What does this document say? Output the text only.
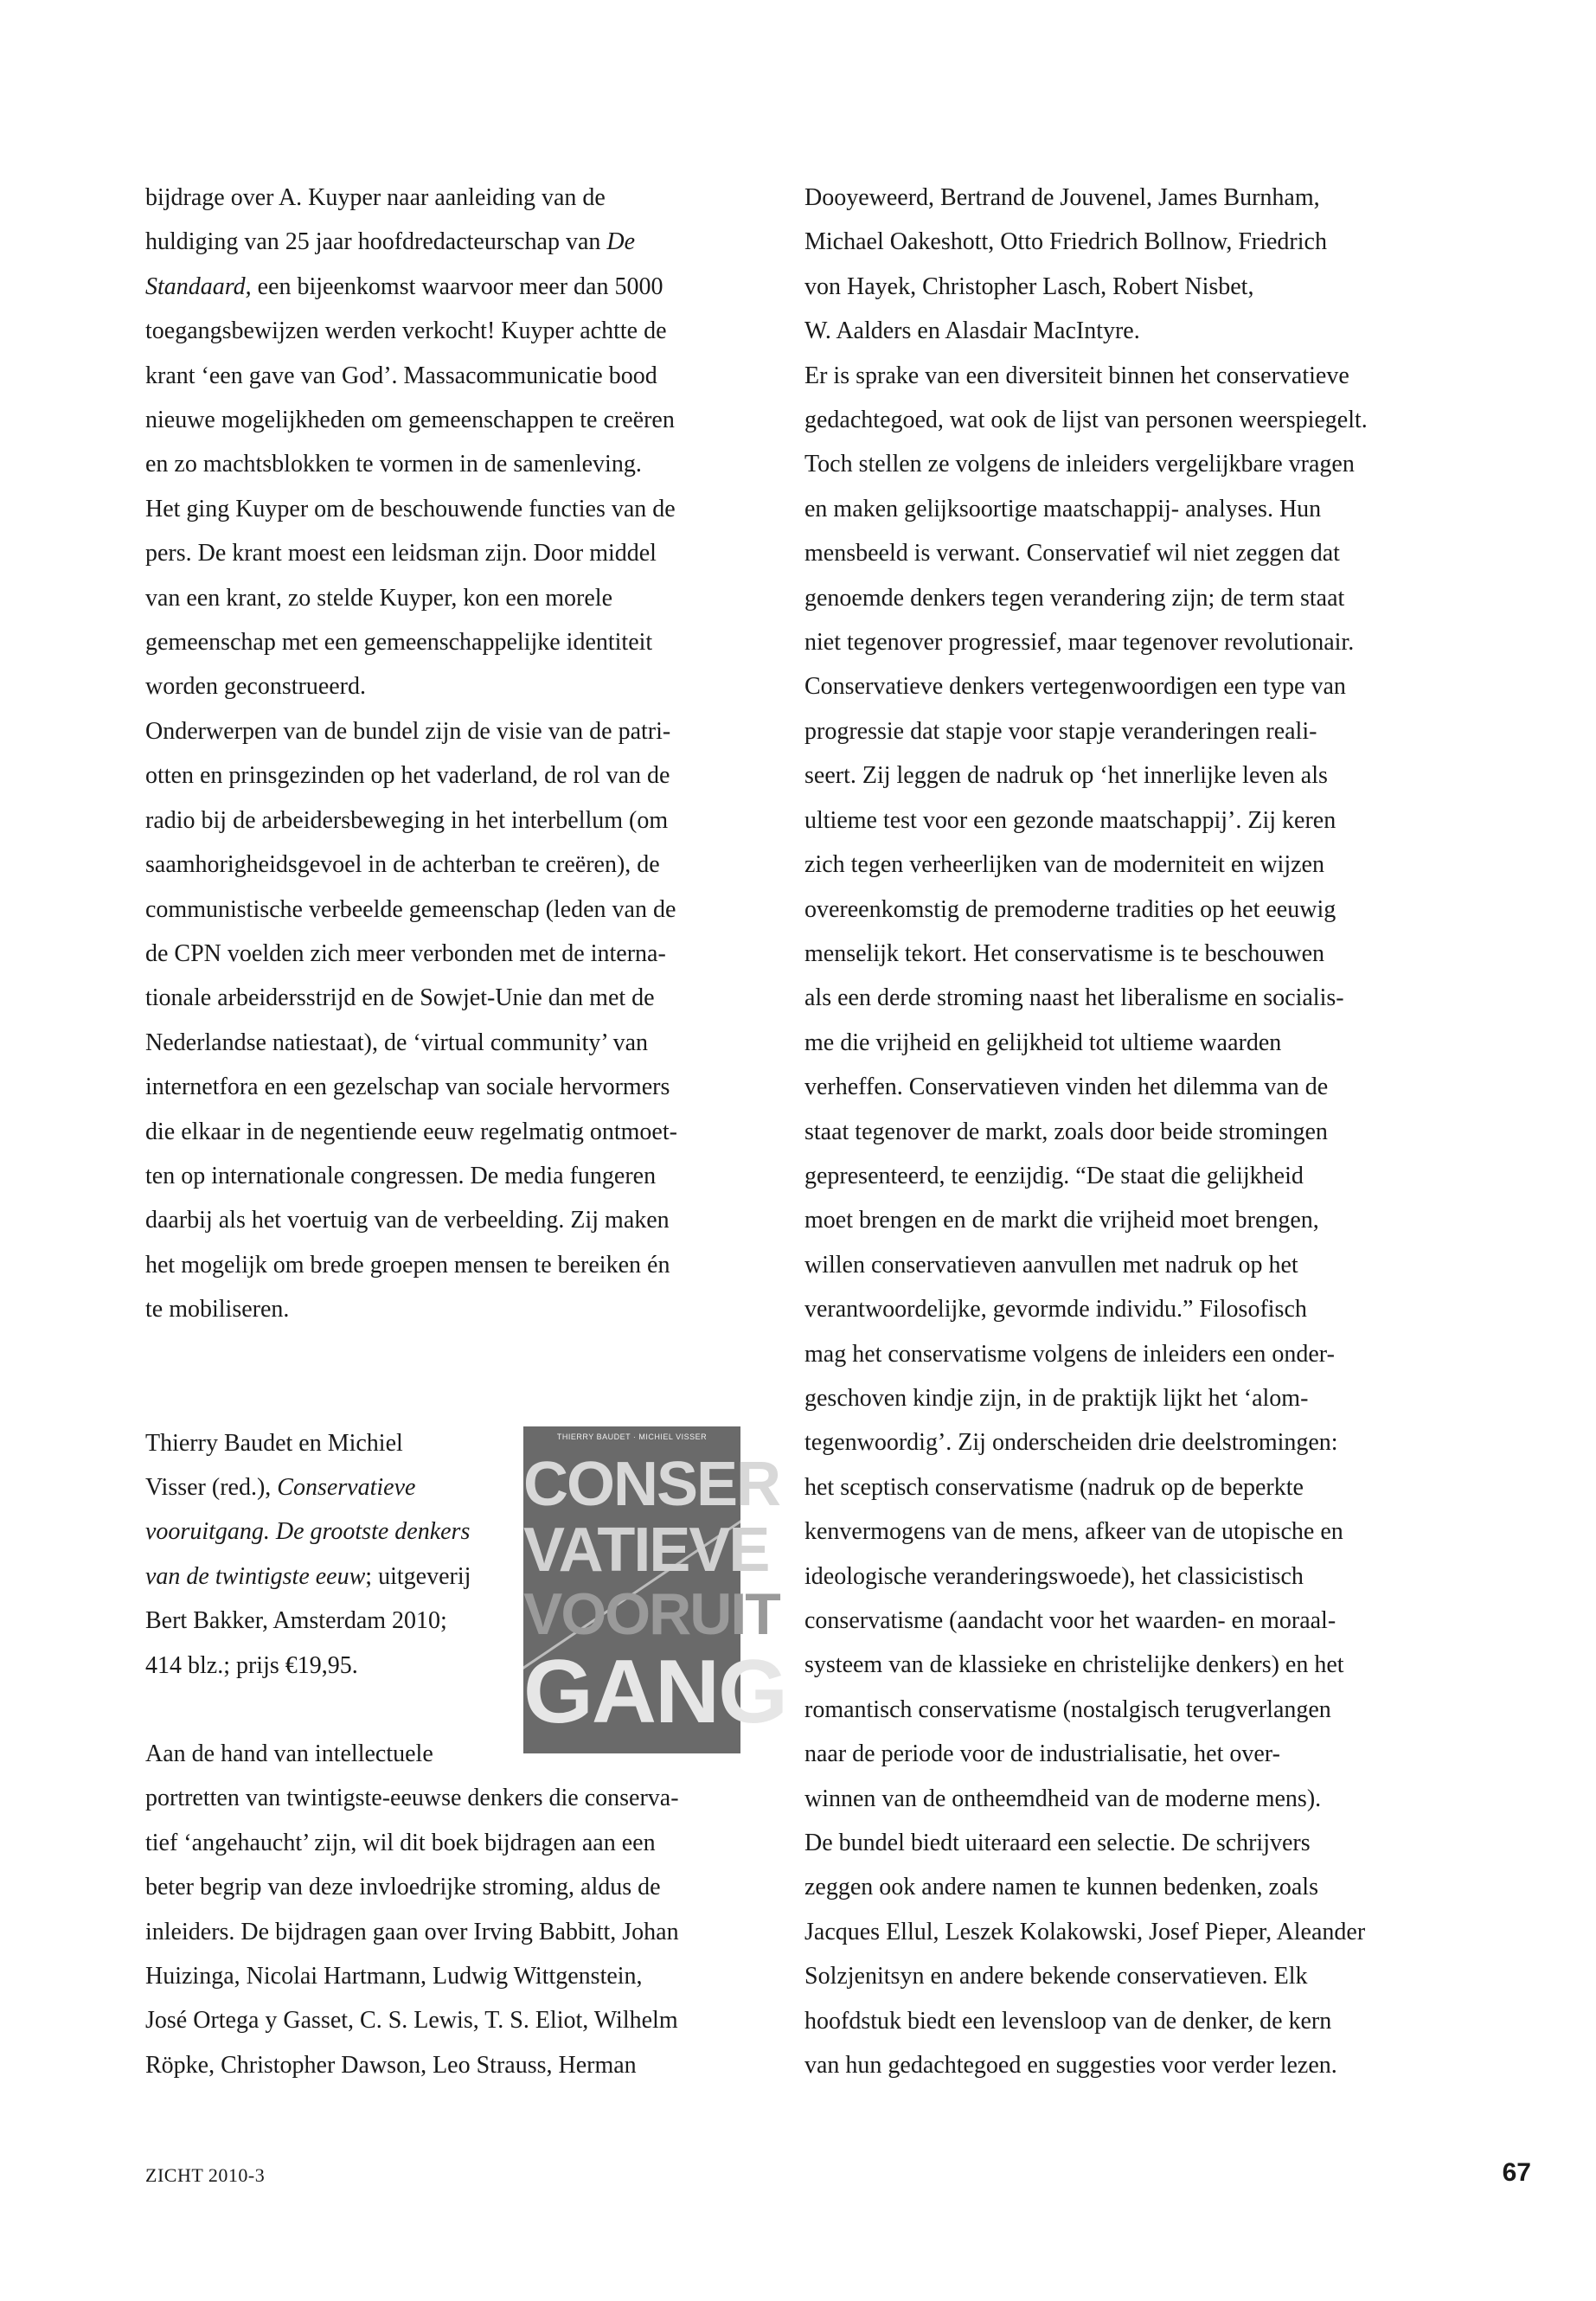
bijdrage over A. Kuyper naar aanleiding van de

huldiging van 25 jaar hoofdredacteurschap van De

Standaard, een bijeenkomst waarvoor meer dan 5000

toegangsbewijzen werden verkocht! Kuyper achtte de

krant ‘een gave van God’. Massacommunicatie bood

nieuwe mogelijkheden om gemeenschappen te creëren

en zo machtsblokken te vormen in de samenleving.

Het ging Kuyper om de beschouwende functies van de

pers. De krant moest een leidsman zijn. Door middel

van een krant, zo stelde Kuyper, kon een morele

gemeenschap met een gemeenschappelijke identiteit

worden geconstrueerd.

Onderwerpen van de bundel zijn de visie van de patri-

otten en prinsgezinden op het vaderland, de rol van de

radio bij de arbeidersbeweging in het interbellum (om

saamhorigheidsgevoel in de achterban te creëren), de

communistische verbeelde gemeenschap (leden van de

de CPN voelden zich meer verbonden met de interna-

tionale arbeidersstrijd en de Sowjet-Unie dan met de

Nederlandse natiestaat), de ‘virtual community’ van

internetfora en een gezelschap van sociale hervormers

die elkaar in de negentiende eeuw regelmatig ontmoet-

ten op internationale congressen. De media fungeren

daarbij als het voertuig van de verbeelding. Zij maken

het mogelijk om brede groepen mensen te bereiken én

te mobiliseren.

Thierry Baudet en Michiel

Visser (red.), Conservatieve

vooruitgang. De grootste denkers

van de twintigste eeuw; uitgeverij

Bert Bakker, Amsterdam 2010;

414 blz.; prijs €19,95.

THIERRY BAUDET · MICHIEL VISSER
CONSER
VATIEVE
VOORUIT
GANG

Aan de hand van intellectuele

portretten van twintigste-eeuwse denkers die conserva-

tief ‘angehaucht’ zijn, wil dit boek bijdragen aan een

beter begrip van deze invloedrijke stroming, aldus de

inleiders. De bijdragen gaan over Irving Babbitt, Johan

Huizinga, Nicolai Hartmann, Ludwig Wittgenstein,

José Ortega y Gasset, C. S. Lewis, T. S. Eliot, Wilhelm

Röpke, Christopher Dawson, Leo Strauss, Herman

Dooyeweerd, Bertrand de Jouvenel, James Burnham,

Michael Oakeshott, Otto Friedrich Bollnow, Friedrich

von Hayek, Christopher Lasch, Robert Nisbet,

W. Aalders en Alasdair MacIntyre.

Er is sprake van een diversiteit binnen het conservatieve

gedachtegoed, wat ook de lijst van personen weerspiegelt.

Toch stellen ze volgens de inleiders vergelijkbare vragen

en maken gelijksoortige maatschappij- analyses. Hun

mensbeeld is verwant. Conservatief wil niet zeggen dat

genoemde denkers tegen verandering zijn; de term staat

niet tegenover progressief, maar tegenover revolutionair.

Conservatieve denkers vertegenwoordigen een type van

progressie dat stapje voor stapje veranderingen reali-

seert. Zij leggen de nadruk op ‘het innerlijke leven als

ultieme test voor een gezonde maatschappij’. Zij keren

zich tegen verheerlijken van de moderniteit en wijzen

overeenkomstig de premoderne tradities op het eeuwig

menselijk tekort. Het conservatisme is te beschouwen

als een derde stroming naast het liberalisme en socialis-

me die vrijheid en gelijkheid tot ultieme waarden

verheffen. Conservatieven vinden het dilemma van de

staat tegenover de markt, zoals door beide stromingen

gepresenteerd, te eenzijdig. “De staat die gelijkheid

moet brengen en de markt die vrijheid moet brengen,

willen conservatieven aanvullen met nadruk op het

verantwoordelijke, gevormde individu.” Filosofisch

mag het conservatisme volgens de inleiders een onder-

geschoven kindje zijn, in de praktijk lijkt het ‘alom-

tegenwoordig’. Zij onderscheiden drie deelstromingen:

het sceptisch conservatisme (nadruk op de beperkte

kenvermogens van de mens, afkeer van de utopische en

ideologische veranderingswoede), het classicistisch

conservatisme (aandacht voor het waarden- en moraal-

systeem van de klassieke en christelijke denkers) en het

romantisch conservatisme (nostalgisch terugverlangen

naar de periode voor de industrialisatie, het over-

winnen van de ontheemdheid van de moderne mens).

De bundel biedt uiteraard een selectie. De schrijvers

zeggen ook andere namen te kunnen bedenken, zoals

Jacques Ellul, Leszek Kolakowski, Josef Pieper, Aleander

Solzjenitsyn en andere bekende conservatieven. Elk

hoofdstuk biedt een levensloop van de denker, de kern

van hun gedachtegoed en suggesties voor verder lezen.

ZICHT 2010-3	67
